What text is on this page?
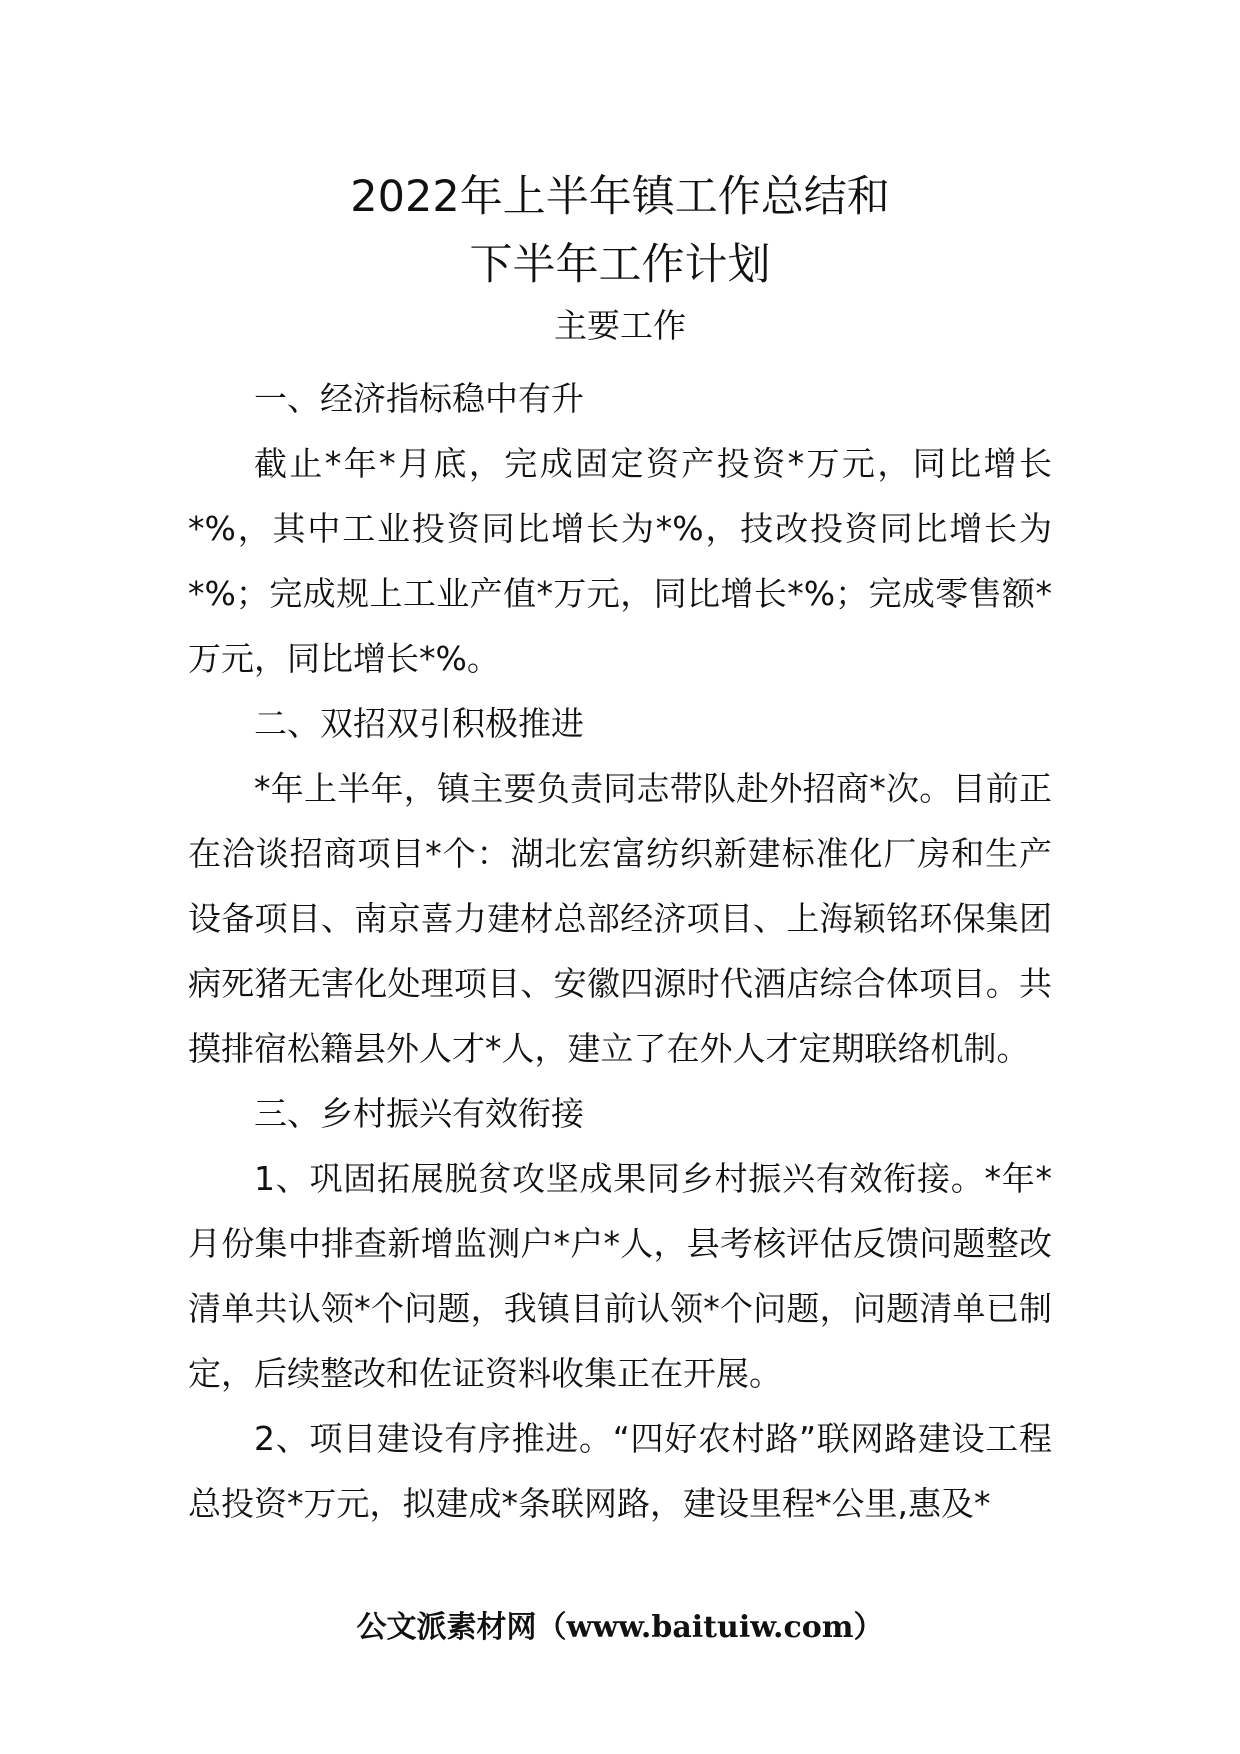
2022年上半年镇工作总结和
下半年工作计划
主要工作

一、经济指标稳中有升

截止*年*月底，完成固定资产投资*万元，同比增长*%，其中工业投资同比增长为*%，技改投资同比增长为*%；完成规上工业产值*万元，同比增长*%；完成零售额*万元，同比增长*%。

二、双招双引积极推进

*年上半年，镇主要负责同志带队赴外招商*次。目前正在洽谈招商项目*个：湖北宏富纺织新建标准化厂房和生产设备项目、南京喜力建材总部经济项目、上海颖铭环保集团病死猪无害化处理项目、安徽四源时代酒店综合体项目。共摸排宿松籍县外人才*人，建立了在外人才定期联络机制。

三、乡村振兴有效衔接

1、巩固拓展脱贫攻坚成果同乡村振兴有效衔接。*年*月份集中排查新增监测户*户*人，县考核评估反馈问题整改清单共认领*个问题，我镇目前认领*个问题，问题清单已制定，后续整改和佐证资料收集正在开展。

2、项目建设有序推进。“四好农村路”联网路建设工程总投资*万元，拟建成*条联网路，建设里程*公里,惠及*

公文派素材网（www.baituiw.com）
